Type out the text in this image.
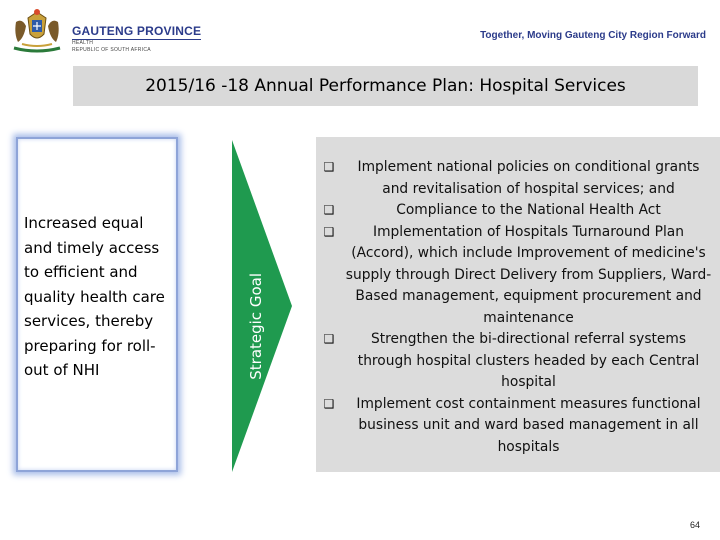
GAUTENG PROVINCE
HEALTH
REPUBLIC OF SOUTH AFRICA
Together, Moving Gauteng City Region Forward
2015/16 -18 Annual Performance Plan: Hospital Services
Increased equal and timely access to efficient and quality health care services, thereby preparing for roll-out of NHI	Strategic Goal
❑ Implement national policies on conditional grants and revitalisation of hospital services; and
❑	Compliance to the National Health Act
❑	Implementation of Hospitals Turnaround Plan (Accord), which include Improvement of medicine's supply through Direct Delivery from Suppliers, Ward-Based management, equipment procurement and maintenance
❑	Strengthen the bi-directional referral systems through hospital clusters headed by each Central hospital
❑ Implement cost containment measures functional business unit and ward based management in all hospitals
64
